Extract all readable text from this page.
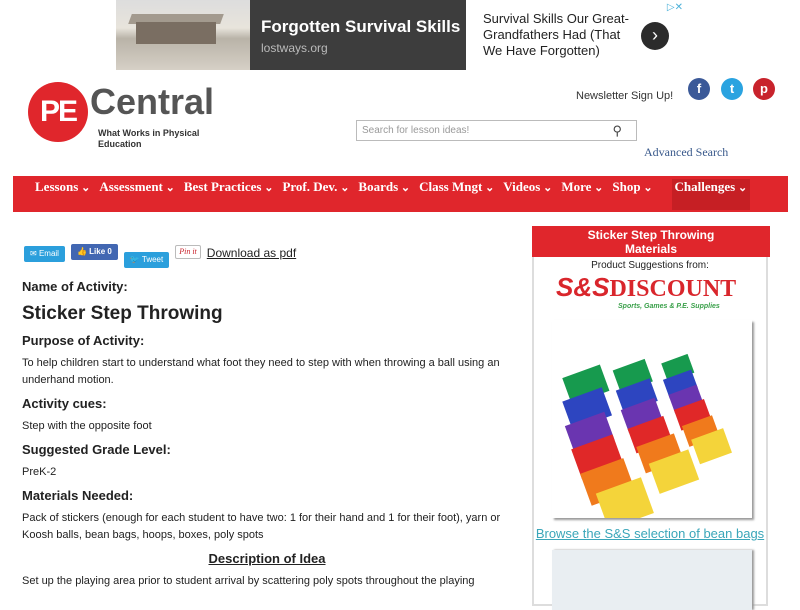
Forgotten Survival Skills
lostways.org
Survival Skills Our Great-Grandfathers Had (That We Have Forgotten)
›
▷✕
PE Central
What Works in Physical Education
Newsletter Sign Up!	f	t	p
Search for lesson ideas!	⚲
Advanced Search
Lessons ⌄	Assessment ⌄	Best Practices ⌄	Prof. Dev. ⌄	Boards ⌄	Class Mngt ⌄	Videos ⌄	More ⌄	Shop ⌄	Challenges ⌄
✉ Email	👍 Like 0
🐦 Tweet
Pin it Download as pdf
Name of Activity:
Sticker Step Throwing
Purpose of Activity:
To help children start to understand what foot they need to step with when throwing a ball using an underhand motion.
Activity cues:
Step with the opposite foot
Suggested Grade Level:
PreK-2
Materials Needed:
Pack of stickers (enough for each student to have two: 1 for their hand and 1 for their foot), yarn or Koosh balls, bean bags, hoops, boxes, poly spots
Description of Idea
Set up the playing area prior to student arrival by scattering poly spots throughout the playing
Sticker Step Throwing Materials
Product Suggestions from:
S&SDISCOUNT
Sports, Games & P.E. Supplies
Browse the S&S selection of bean bags
